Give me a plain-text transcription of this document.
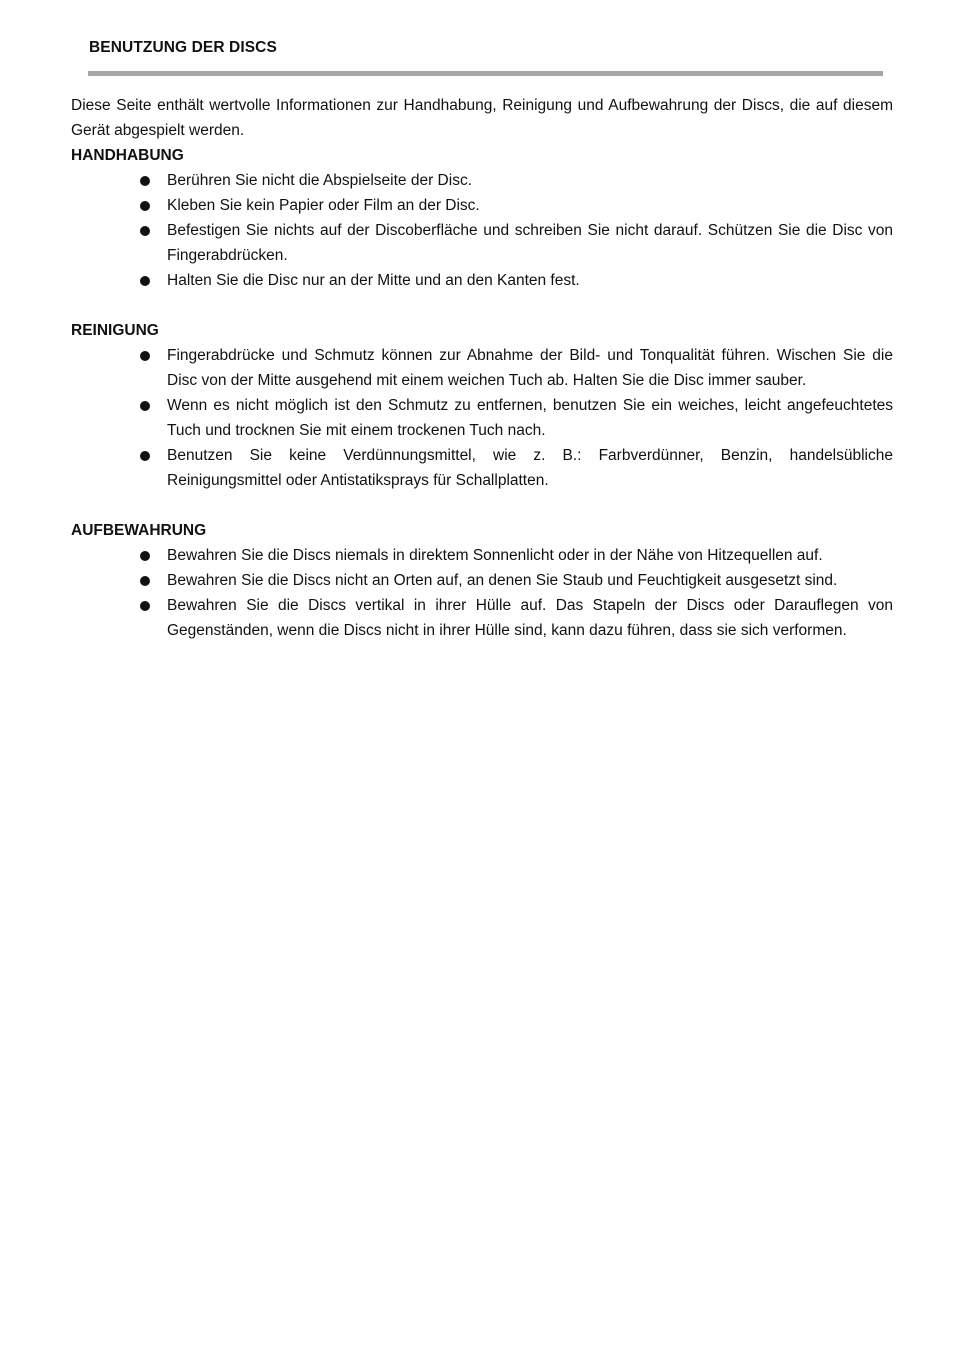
BENUTZUNG DER DISCS

Diese Seite enthält wertvolle Informationen zur Handhabung, Reinigung und Aufbewahrung der Discs, die auf diesem Gerät abgespielt werden.

HANDHABUNG
Berühren Sie nicht die Abspielseite der Disc.
Kleben Sie kein Papier oder Film an der Disc.
Befestigen Sie nichts auf der Discoberfläche und schreiben Sie nicht darauf. Schützen Sie die Disc von Fingerabdrücken.
Halten Sie die Disc nur an der Mitte und an den Kanten fest.
REINIGUNG
Fingerabdrücke und Schmutz können zur Abnahme der Bild- und Tonqualität führen. Wischen Sie die Disc von der Mitte ausgehend mit einem weichen Tuch ab. Halten Sie die Disc immer sauber.
Wenn es nicht möglich ist den Schmutz zu entfernen, benutzen Sie ein weiches, leicht angefeuchtetes Tuch und trocknen Sie mit einem trockenen Tuch nach.
Benutzen Sie keine Verdünnungsmittel, wie z. B.: Farbverdünner, Benzin, handelsübliche Reinigungsmittel oder Antistatiksprays für Schallplatten.
AUFBEWAHRUNG
Bewahren Sie die Discs niemals in direktem Sonnenlicht oder in der Nähe von Hitzequellen auf.
Bewahren Sie die Discs nicht an Orten auf, an denen Sie Staub und Feuchtigkeit ausgesetzt sind.
Bewahren Sie die Discs vertikal in ihrer Hülle auf. Das Stapeln der Discs oder Darauflegen von Gegenständen, wenn die Discs nicht in ihrer Hülle sind, kann dazu führen, dass sie sich verformen.
